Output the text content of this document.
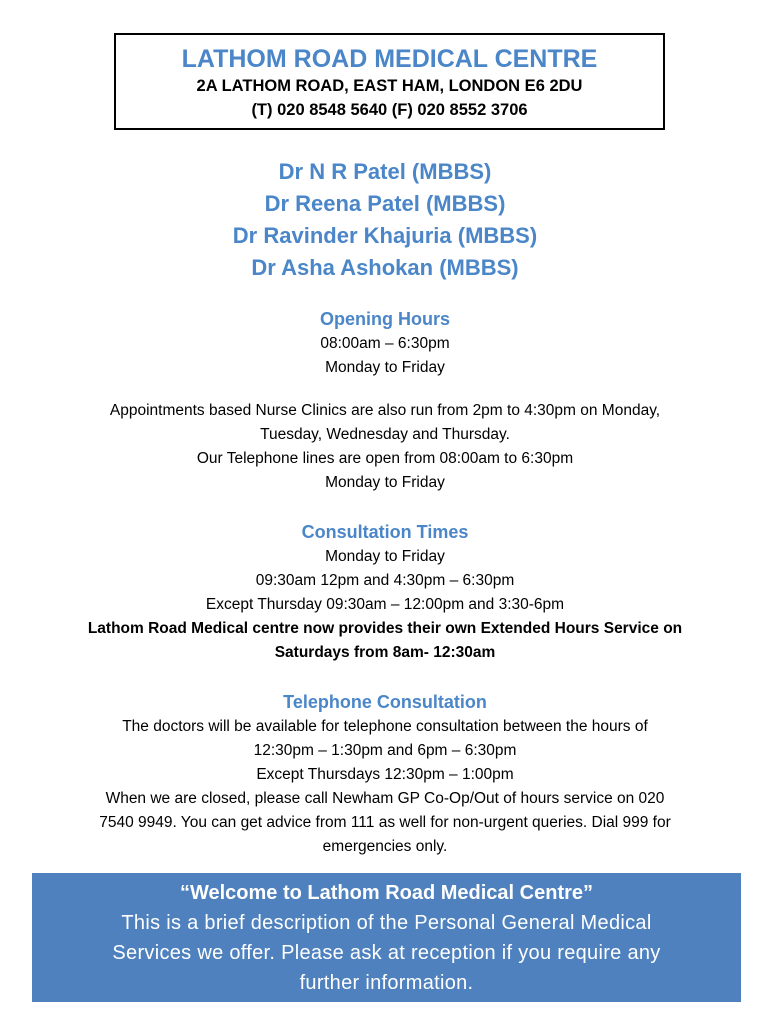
LATHOM ROAD MEDICAL CENTRE
2A LATHOM ROAD, EAST HAM, LONDON E6 2DU
(T) 020 8548 5640 (F) 020 8552 3706
Dr N R Patel (MBBS)
Dr Reena Patel (MBBS)
Dr Ravinder Khajuria (MBBS)
Dr Asha Ashokan (MBBS)
Opening Hours
08:00am – 6:30pm
Monday to Friday
Appointments based Nurse Clinics are also run from 2pm to 4:30pm on Monday,
Tuesday, Wednesday and Thursday.
Our Telephone lines are open from 08:00am to 6:30pm
Monday to Friday
Consultation Times
Monday to Friday
09:30am 12pm and 4:30pm – 6:30pm
Except Thursday 09:30am – 12:00pm and 3:30-6pm
Lathom Road Medical centre now provides their own Extended Hours Service on
Saturdays from 8am- 12:30am
Telephone Consultation
The doctors will be available for telephone consultation between the hours of
12:30pm – 1:30pm and 6pm – 6:30pm
Except Thursdays 12:30pm – 1:00pm
When we are closed, please call Newham GP Co-Op/Out of hours service on 020
7540 9949. You can get advice from 111 as well for non-urgent queries. Dial 999 for
emergencies only.
“Welcome to Lathom Road Medical Centre”
This is a brief description of the Personal General Medical
Services we offer. Please ask at reception if you require any
further information.
